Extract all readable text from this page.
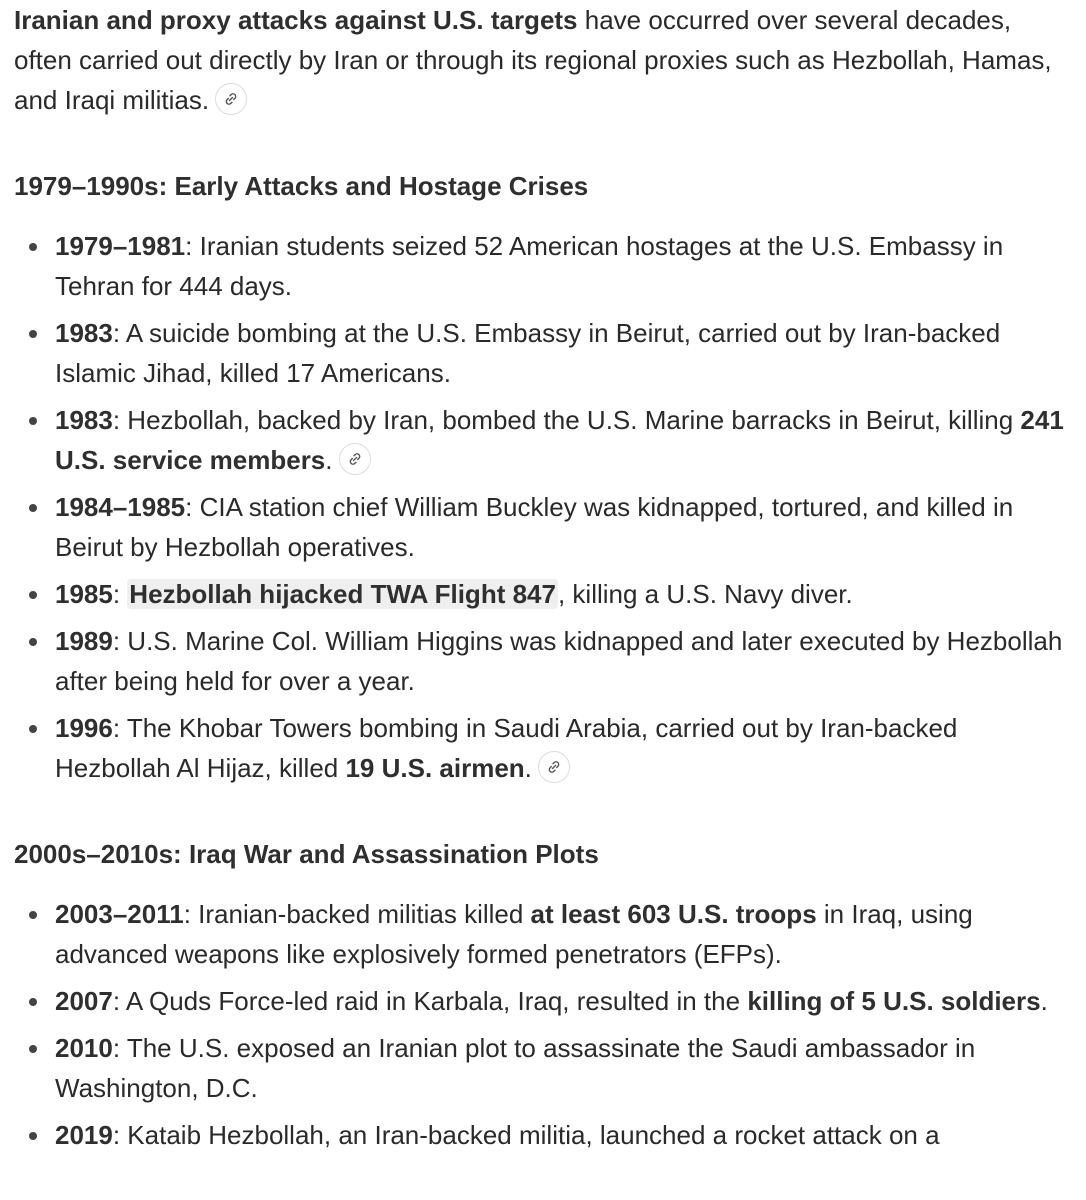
Iranian and proxy attacks against U.S. targets have occurred over several decades, often carried out directly by Iran or through its regional proxies such as Hezbollah, Hamas, and Iraqi militias.

1979–1990s: Early Attacks and Hostage Crises
1979–1981: Iranian students seized 52 American hostages at the U.S. Embassy in Tehran for 444 days.
1983: A suicide bombing at the U.S. Embassy in Beirut, carried out by Iran-backed Islamic Jihad, killed 17 Americans.
1983: Hezbollah, backed by Iran, bombed the U.S. Marine barracks in Beirut, killing 241 U.S. service members.
1984–1985: CIA station chief William Buckley was kidnapped, tortured, and killed in Beirut by Hezbollah operatives.
1985: Hezbollah hijacked TWA Flight 847, killing a U.S. Navy diver.
1989: U.S. Marine Col. William Higgins was kidnapped and later executed by Hezbollah after being held for over a year.
1996: The Khobar Towers bombing in Saudi Arabia, carried out by Iran-backed Hezbollah Al Hijaz, killed 19 U.S. airmen.
2000s–2010s: Iraq War and Assassination Plots
2003–2011: Iranian-backed militias killed at least 603 U.S. troops in Iraq, using advanced weapons like explosively formed penetrators (EFPs).
2007: A Quds Force-led raid in Karbala, Iraq, resulted in the killing of 5 U.S. soldiers.
2010: The U.S. exposed an Iranian plot to assassinate the Saudi ambassador in Washington, D.C.
2019: Kataib Hezbollah, an Iran-backed militia, launched a rocket attack on a
